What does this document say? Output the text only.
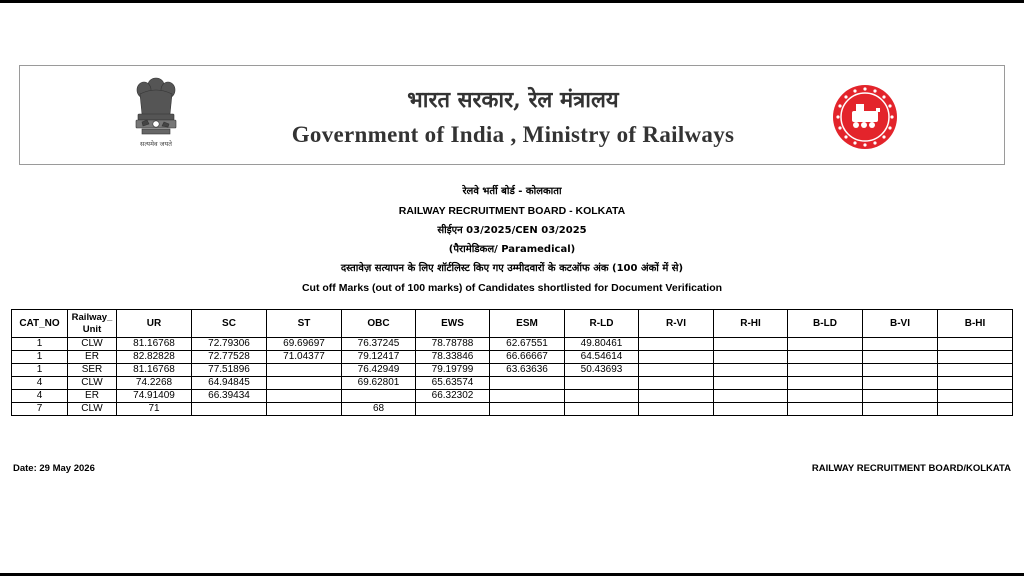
सत्यमेव जयते
भारत सरकार, रेल मंत्रालय
Government of India , Ministry of Railways
रेलवे भर्ती बोर्ड - कोलकाता
RAILWAY RECRUITMENT BOARD - KOLKATA
सीईएन 03/2025/CEN 03/2025
(पैरामेडिकल/ Paramedical)
दस्तावेज़ सत्यापन के लिए शॉर्टलिस्ट किए गए उम्मीदवारों के कटऑफ अंक (100 अंकों में से)
Cut off Marks (out of 100 marks) of Candidates shortlisted for Document Verification
CAT_NO	Railway_ Unit	UR	SC	ST	OBC	EWS	ESM	R-LD	R-VI	R-HI	B-LD	B-VI	B-HI
1	CLW	81.16768	72.79306	69.69697	76.37245	78.78788	62.67551	49.80461					
1	ER	82.82828	72.77528	71.04377	79.12417	78.33846	66.66667	64.54614					
1	SER	81.16768	77.51896		76.42949	79.19799	63.63636	50.43693					
4	CLW	74.2268	64.94845		69.62801	65.63574							
4	ER	74.91409	66.39434			66.32302							
7	CLW	71			68								
Date: 29 May 2026	RAILWAY RECRUITMENT BOARD/KOLKATA
